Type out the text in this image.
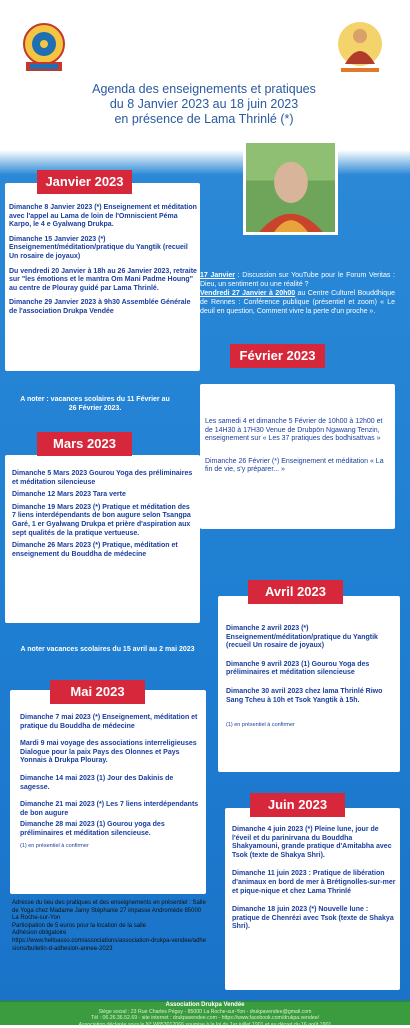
Agenda des enseignements et pratiques
du 8 Janvier 2023 au 18 juin 2023
en présence de Lama Thrinlé (*)
Janvier 2023

Dimanche 8 Janvier 2023 (*) Enseignement et méditation avec l'appel au Lama de loin de l'Omniscient Péma Karpo, le 4 e Gyalwang Drukpa.

Dimanche 15 Janvier 2023 (*) Enseignement/méditation/pratique du Yangtik (recueil Un rosaire de joyaux)

Du vendredi 20 Janvier à 18h au 26 Janvier 2023, retraite sur "les émotions et le mantra Om Mani Padme Houng" au centre de Plouray guidé par Lama Thrinlé.

Dimanche 29 Janvier 2023 à 9h30 Assemblée Générale de l'association Drukpa Vendée

17 Janvier : Discussion sur YouTube pour le Forum Veritas : Dieu, un sentiment ou une réalité ?
Vendredi 27 Janvier à 20h00 au Centre Culturel Bouddhique de Rennes : Conférence publique (présentiel et zoom) « Le deuil en question, Comment vivre la perte d'un proche ».
A noter : vacances scolaires du 11 Février au 26 Février 2023.
Février 2023

Les samedi 4 et dimanche 5 Février de 10h00 à 12h00 et de 14H30 à 17H30 Venue de Drubpön Ngawang Tenzin, enseignement sur « Les 37 pratiques des bodhisattvas »

Dimanche 26 Février (*) Enseignement et méditation « La fin de vie, s'y préparer... »

Mars 2023

Dimanche 5 Mars 2023 Gourou Yoga des préliminaires et méditation silencieuse

Dimanche 12 Mars 2023 Tara verte

Dimanche 19 Mars 2023 (*) Pratique et méditation des 7 liens interdépendants de bon augure selon Tsangpa Garé, 1 er Gyalwang Drukpa et prière d'aspiration aux sept qualités de la pratique vertueuse.

Dimanche 26 Mars 2023 (*) Pratique, méditation et enseignement du Bouddha de médecine

A noter vacances scolaires du 15 avril au 2 mai 2023
Avril 2023

Dimanche 2 avril 2023 (*) Enseignement/méditation/pratique du Yangtik (recueil Un rosaire de joyaux)

Dimanche 9 avril 2023 (1) Gourou Yoga des préliminaires et méditation silencieuse

Dimanche 30 avril 2023 chez lama Thrinlé Riwo Sang Tcheu à 10h et Tsok Yangtik à 15h.

(1) en présentiel à confirmer

Mai 2023

Dimanche 7 mai 2023 (*) Enseignement, méditation et pratique du Bouddha de médecine

Mardi 9 mai voyage des associations interreligieuses Dialogue pour la paix Pays des Olonnes et Pays Yonnais à Drukpa Plouray.

Dimanche 14 mai 2023 (1) Jour des Dakinis de sagesse.

Dimanche 21 mai 2023 (*) Les 7 liens interdépendants de bon augure

Dimanche 28 mai 2023 (1) Gourou yoga des préliminaires et méditation silencieuse.

(1) en présentiel à confirmer

Juin 2023

Dimanche 4 juin 2023 (*) Pleine lune, jour de l'éveil et du parinirvana du Bouddha Shakyamouni, grande pratique d'Amitabha avec Tsok (texte de Shakya Shri).

Dimanche 11 juin 2023 : Pratique de libération d'animaux en bord de mer à Brétignolles-sur-mer et pique-nique et chez Lama Thrinlé

Dimanche 18 juin 2023 (*) Nouvelle lune : pratique de Chenrézi avec Tsok (texte de Shakya Shri).

Adresse du lieu des pratiques et des enseignements en présentiel : Salle de Yoga chez Madame Jarny Stéphanie 27 impasse Andromède 85000 La Roche-sur-Yon
Participation de 5 euros pour la location de la salle
Adhésion obligatoire
https://www.helloasso.com/associations/association-drukpa-vendee/adhesions/bulletin-d-adhesion-annee-2023
Association Drukpa Vendée
Siège social : 23 Rue Charles Péguy - 85000 La Roche-sur-Yon - drukpavendee@gmail.com
Tél : 06.26.36.52.69 - site internet : drukpavendee.com - https://www.facebook.com/drukpa.vendee/
Association déclarée sous le N° W853012066 soumise à la loi du 1er juillet 1901 et au décret du 16 août 1901
